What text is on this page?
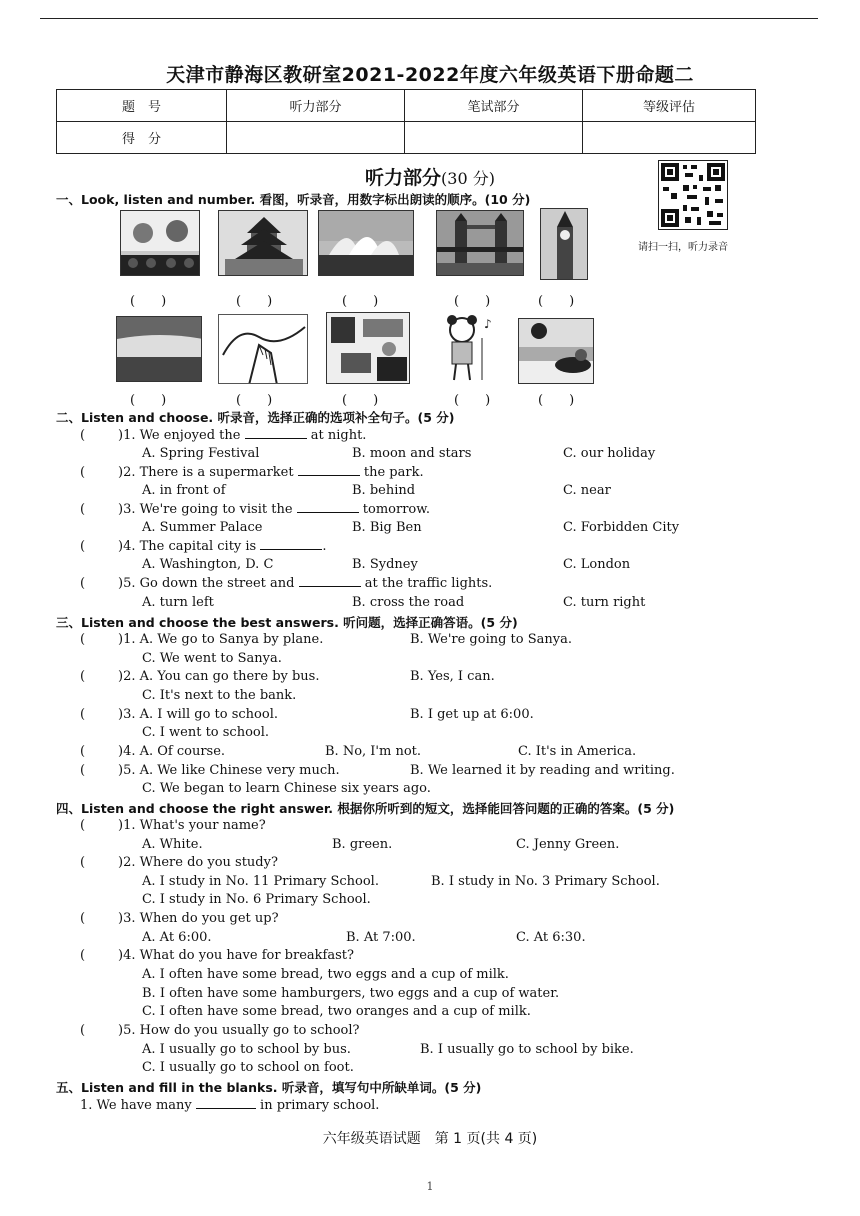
天津市静海区教研室2021-2022年度六年级英语下册命题二
题　号	听力部分	笔试部分	等级评估
得　分			
听力部分(30 分)
请扫一扫，听力录音
一、Look, listen and number. 看图，听录音，用数字标出朗读的顺序。(10 分)
(　　)	(　　)	(　　)	(　　)	(　　)
♪
(　　)	(　　)	(　　)	(　　)	(　　)
二、Listen and choose. 听录音，选择正确的选项补全句子。(5 分)
(	)1. We enjoyed the	at night.
A. Spring Festival	B. moon and stars	C. our holiday
(	)2. There is a supermarket	the park.
A. in front of	B. behind	C. near
(	)3. We're going to visit the	tomorrow.
A. Summer Palace	B. Big Ben	C. Forbidden City
(	)4. The capital city is	.
A. Washington, D. C	B. Sydney	C. London
(	)5. Go down the street and	at the traffic lights.
A. turn left	B. cross the road	C. turn right
三、Listen and choose the best answers. 听问题，选择正确答语。(5 分)
(	)1. A. We go to Sanya by plane.	B. We're going to Sanya.
C. We went to Sanya.
(	)2. A. You can go there by bus.	B. Yes, I can.
C. It's next to the bank.
(	)3. A. I will go to school.	B. I get up at 6:00.
C. I went to school.
(	)4. A. Of course.	B. No, I'm not.	C. It's in America.
(	)5. A. We like Chinese very much.	B. We learned it by reading and writing.
C. We began to learn Chinese six years ago.
四、Listen and choose the right answer. 根据你所听到的短文，选择能回答问题的正确的答案。(5 分)
(	)1. What's your name?
A. White.	B. green.	C. Jenny Green.
(	)2. Where do you study?
A. I study in No. 11 Primary School.	B. I study in No. 3 Primary School.
C. I study in No. 6 Primary School.
(	)3. When do you get up?
A. At 6:00.	B. At 7:00.	C. At 6:30.
(	)4. What do you have for breakfast?
A. I often have some bread, two eggs and a cup of milk.
B. I often have some hamburgers, two eggs and a cup of water.
C. I often have some bread, two oranges and a cup of milk.
(	)5. How do you usually go to school?
A. I usually go to school by bus.	B. I usually go to school by bike.
C. I usually go to school on foot.
五、Listen and fill in the blanks. 听录音，填写句中所缺单词。(5 分)
1. We have many	in primary school.
六年级英语试题　第 1 页(共 4 页)
1
